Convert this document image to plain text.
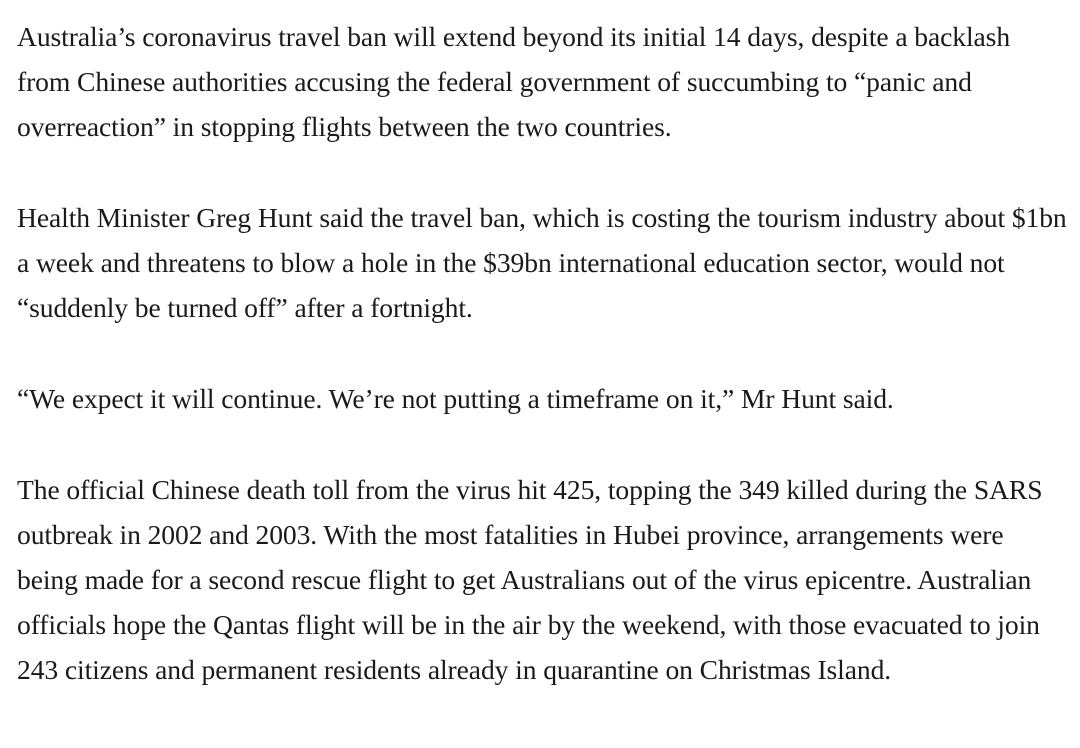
Australia’s coronavirus travel ban will extend beyond its initial 14 days, despite a backlash from Chinese authorities accusing the federal government of succumbing to “panic and overreaction” in stopping flights between the two countries.

Health Minister Greg Hunt said the travel ban, which is costing the tourism industry about $1bn a week and threatens to blow a hole in the $39bn international education sector, would not “suddenly be turned off” after a fortnight.

“We expect it will continue. We’re not putting a timeframe on it,” Mr Hunt said.

The official Chinese death toll from the virus hit 425, topping the 349 killed during the SARS outbreak in 2002 and 2003. With the most fatalities in Hubei province, arrangements were being made for a second rescue flight to get Australians out of the virus epicentre. Australian officials hope the Qantas flight will be in the air by the weekend, with those evacuated to join 243 citizens and permanent residents already in quarantine on Christmas Island.
